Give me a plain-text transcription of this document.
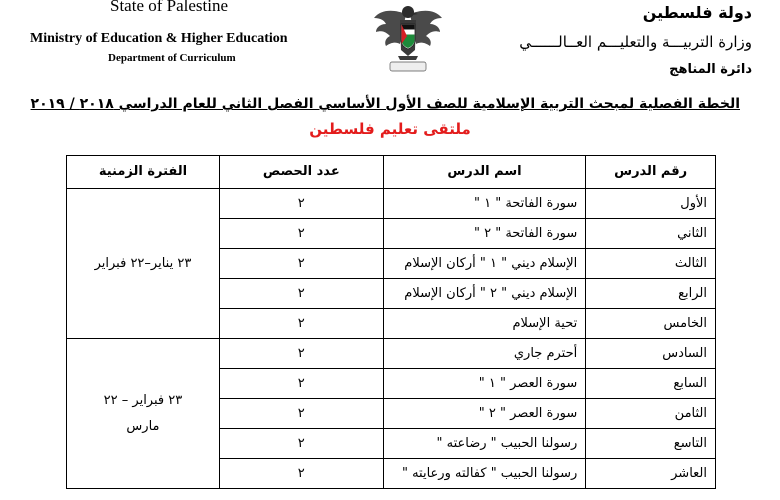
State of Palestine
Ministry of Education & Higher Education
Department of Curriculum
دولة فلسطين
وزارة التربيـــة والتعليـــم العــالــــــي
دائرة المناهج
الخطة الفصلية لمبحث التربية الإسلامية للصف الأول الأساسي الفصل الثاني للعام الدراسي ٢٠١٨ / ٢٠١٩
ملتقى تعليم فلسطين
رقم الدرس	اسم الدرس	عدد الحصص	الفترة الزمنية
الأول	سورة الفاتحة " ١ "	٢	٢٣ يناير–٢٢ فبراير

الثاني	سورة الفاتحة " ٢ "	٢	
الثالث	الإسلام ديني " ١ " أركان الإسلام	٢	
الرابع	الإسلام ديني " ٢ " أركان الإسلام	٢	
الخامس	تحية الإسلام	٢	
السادس	أحترم جاري	٢	٢٣ فبراير – ٢٢
مارس

السابع	سورة العصر " ١ "	٢	
الثامن	سورة العصر " ٢ "	٢	
التاسع	رسولنا الحبيب " رضاعته "	٢	
العاشر	رسولنا الحبيب " كفالته ورعايته "	٢	
